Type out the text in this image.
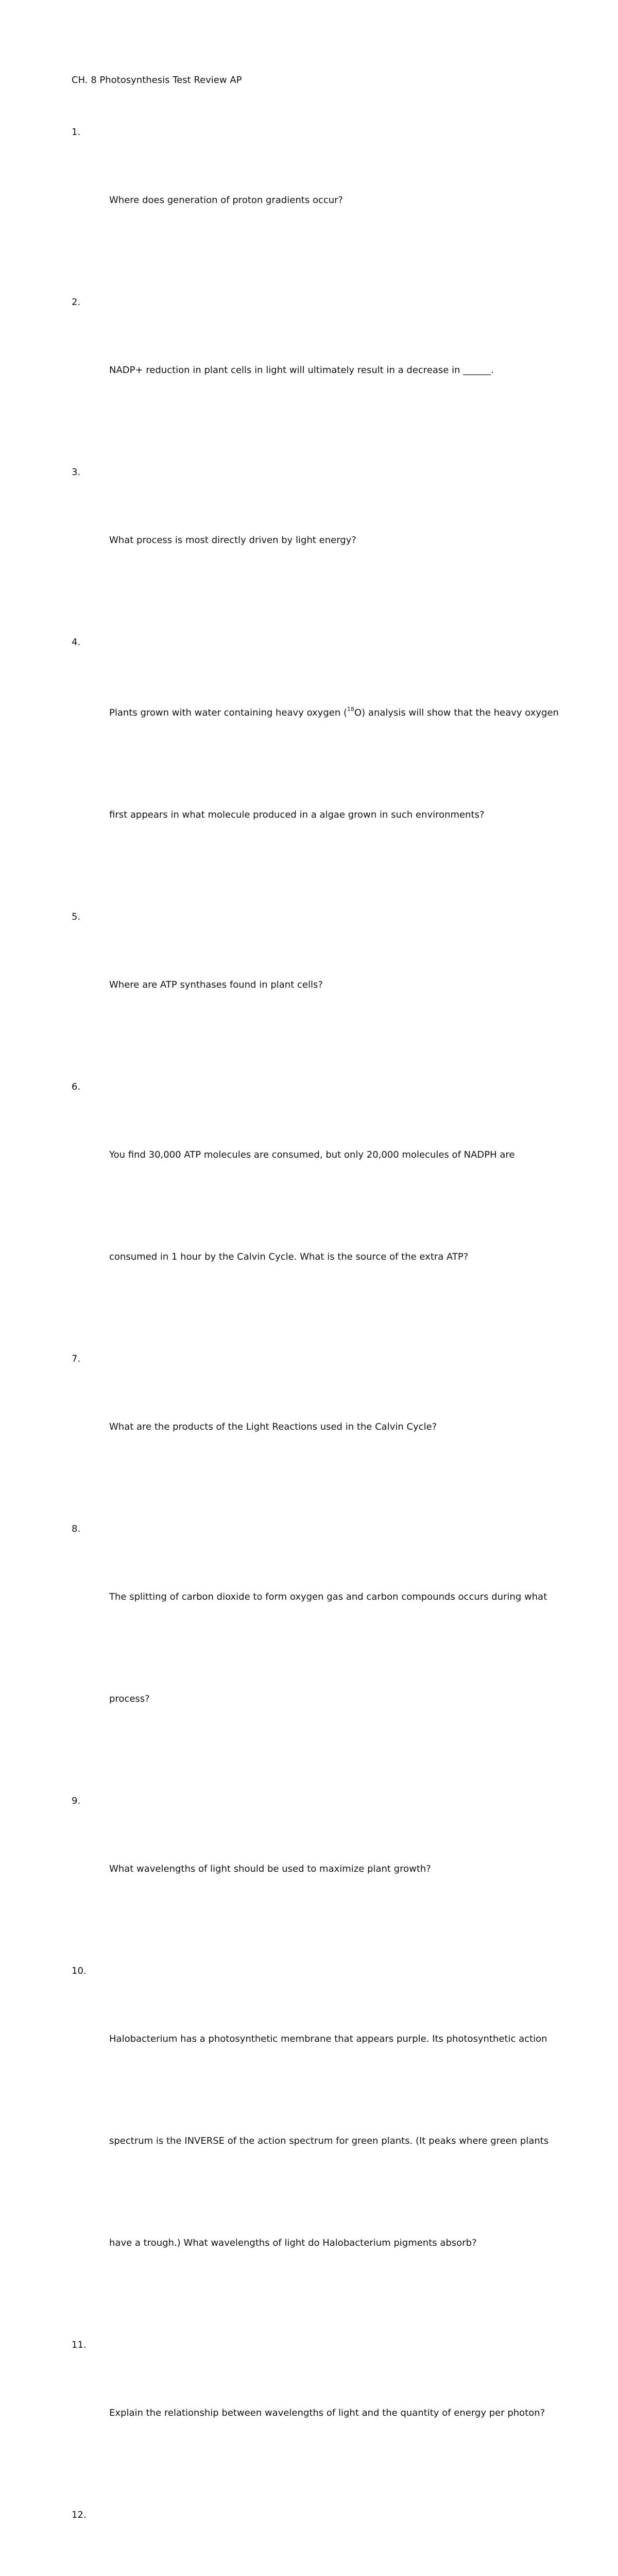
CH. 8 Photosynthesis Test Review AP
1.

Where does generation of proton gradients occur?

2.

NADP+ reduction in plant cells in light will ultimately result in a decrease in ______.

3.

What process is most directly driven by light energy?

4.

Plants grown with water containing heavy oxygen ($^{18}$O) analysis will show that the heavy oxygen

first appears in what molecule produced in a algae grown in such environments?

5.

Where are ATP synthases found in plant cells?

6.

You find 30,000 ATP molecules are consumed, but only 20,000 molecules of NADPH are

consumed in 1 hour by the Calvin Cycle. What is the source of the extra ATP?

7.

What are the products of the Light Reactions used in the Calvin Cycle?

8.

The splitting of carbon dioxide to form oxygen gas and carbon compounds occurs during what

process?

9.

What wavelengths of light should be used to maximize plant growth?

10.

Halobacterium has a photosynthetic membrane that appears purple. Its photosynthetic action

spectrum is the INVERSE of the action spectrum for green plants. (It peaks where green plants

have a trough.) What wavelengths of light do Halobacterium pigments absorb?

11.

Explain the relationship between wavelengths of light and the quantity of energy per photon?

12.
